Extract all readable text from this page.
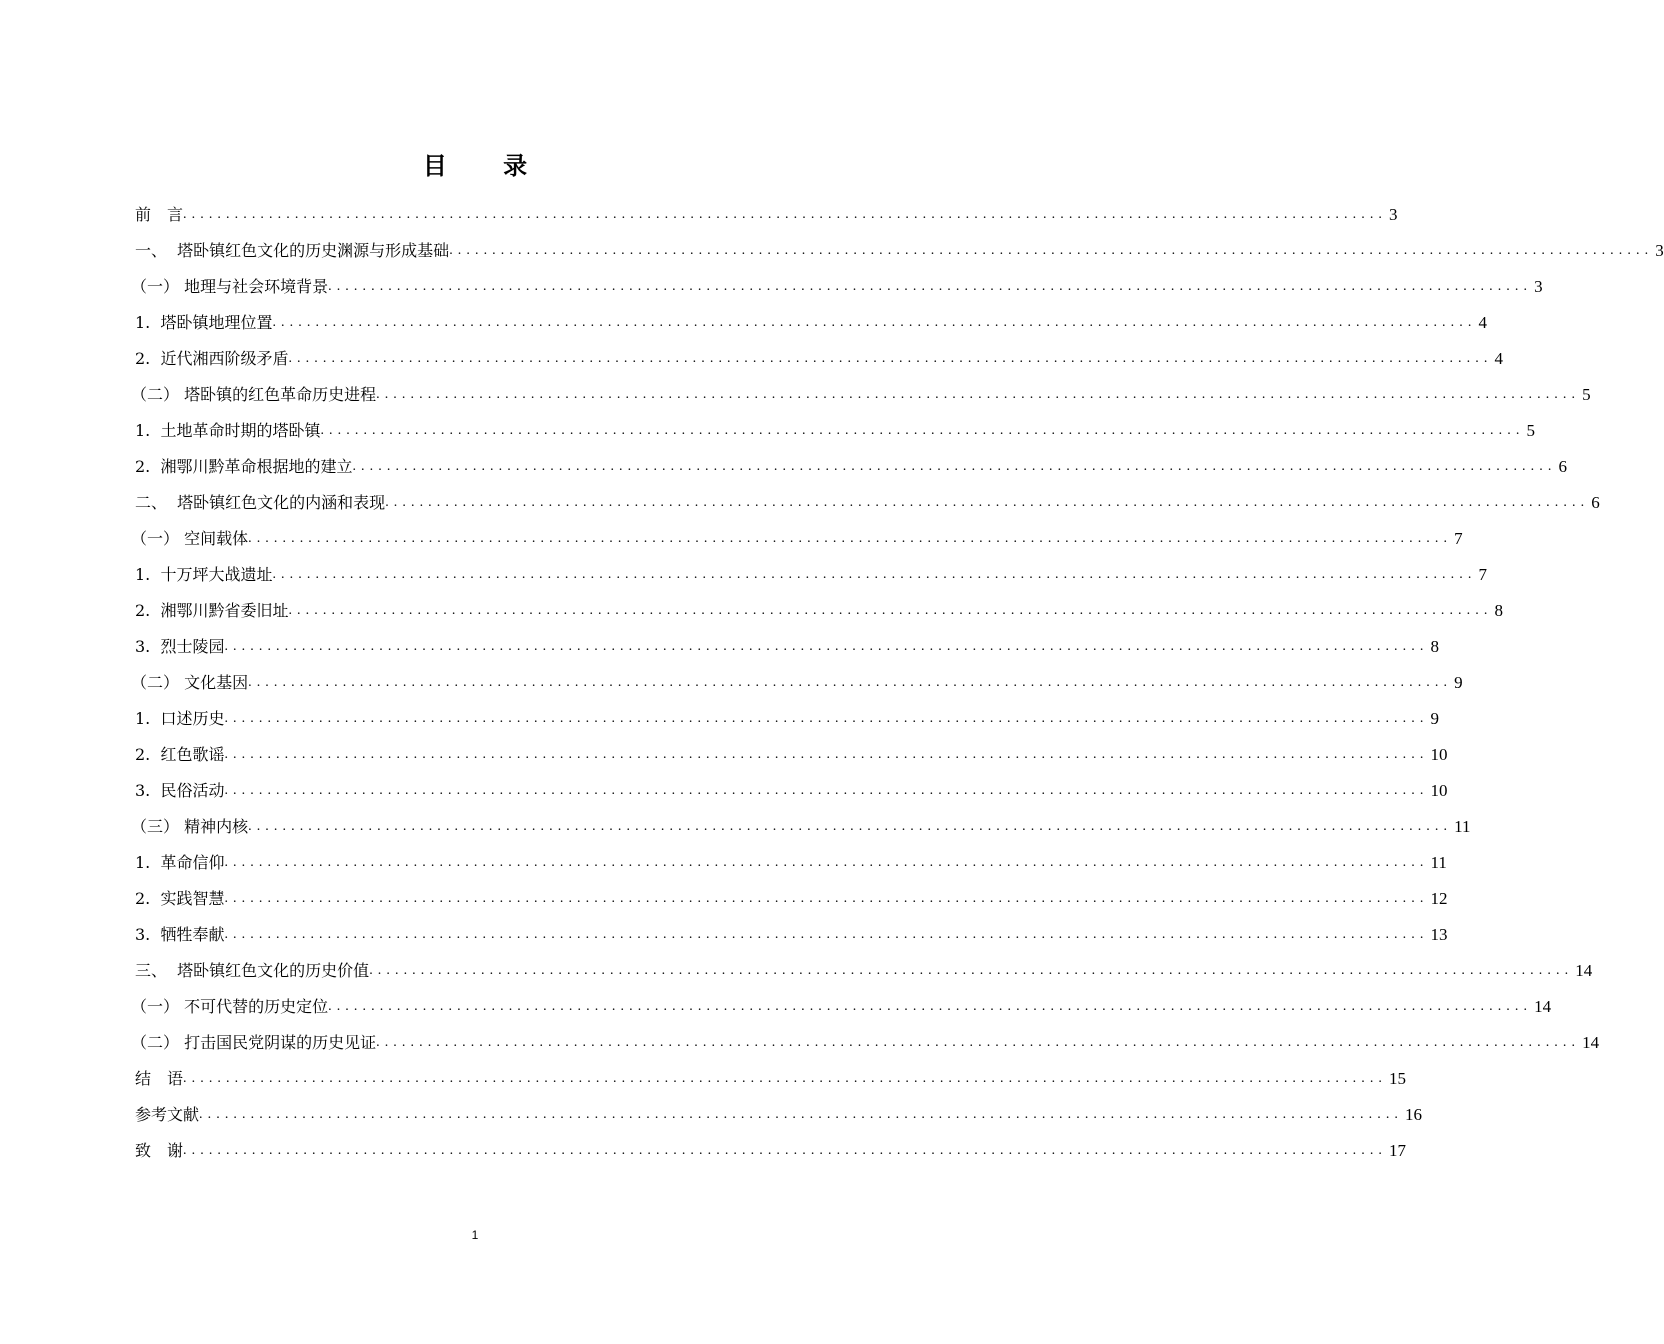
目 录
前　言 ............................................................................................................................................ 3
一、  塔卧镇红色文化的历史渊源与形成基础 ............................................................................................................................................ 3
（一） 地理与社会环境背景 ............................................................................................................................................ 3
1.  塔卧镇地理位置 ............................................................................................................................................ 4
2.  近代湘西阶级矛盾 ............................................................................................................................................ 4
（二） 塔卧镇的红色革命历史进程 ............................................................................................................................................ 5
1.  土地革命时期的塔卧镇 ............................................................................................................................................ 5
2.  湘鄂川黔革命根据地的建立 ............................................................................................................................................ 6
二、  塔卧镇红色文化的内涵和表现 ............................................................................................................................................ 6
（一） 空间载体 ............................................................................................................................................ 7
1.  十万坪大战遗址 ............................................................................................................................................ 7
2.  湘鄂川黔省委旧址 ............................................................................................................................................ 8
3.  烈士陵园 ............................................................................................................................................ 8
（二） 文化基因 ............................................................................................................................................ 9
1.  口述历史 ............................................................................................................................................ 9
2.  红色歌谣 ............................................................................................................................................ 10
3.  民俗活动 ............................................................................................................................................ 10
（三） 精神内核 ............................................................................................................................................ 11
1.  革命信仰 ............................................................................................................................................ 11
2.  实践智慧 ............................................................................................................................................ 12
3.  牺牲奉献 ............................................................................................................................................ 13
三、  塔卧镇红色文化的历史价值 ............................................................................................................................................ 14
（一） 不可代替的历史定位 ............................................................................................................................................ 14
（二） 打击国民党阴谋的历史见证 ............................................................................................................................................ 14
结　语 ............................................................................................................................................ 15
参考文献 ............................................................................................................................................ 16
致　谢 ............................................................................................................................................ 17
1
